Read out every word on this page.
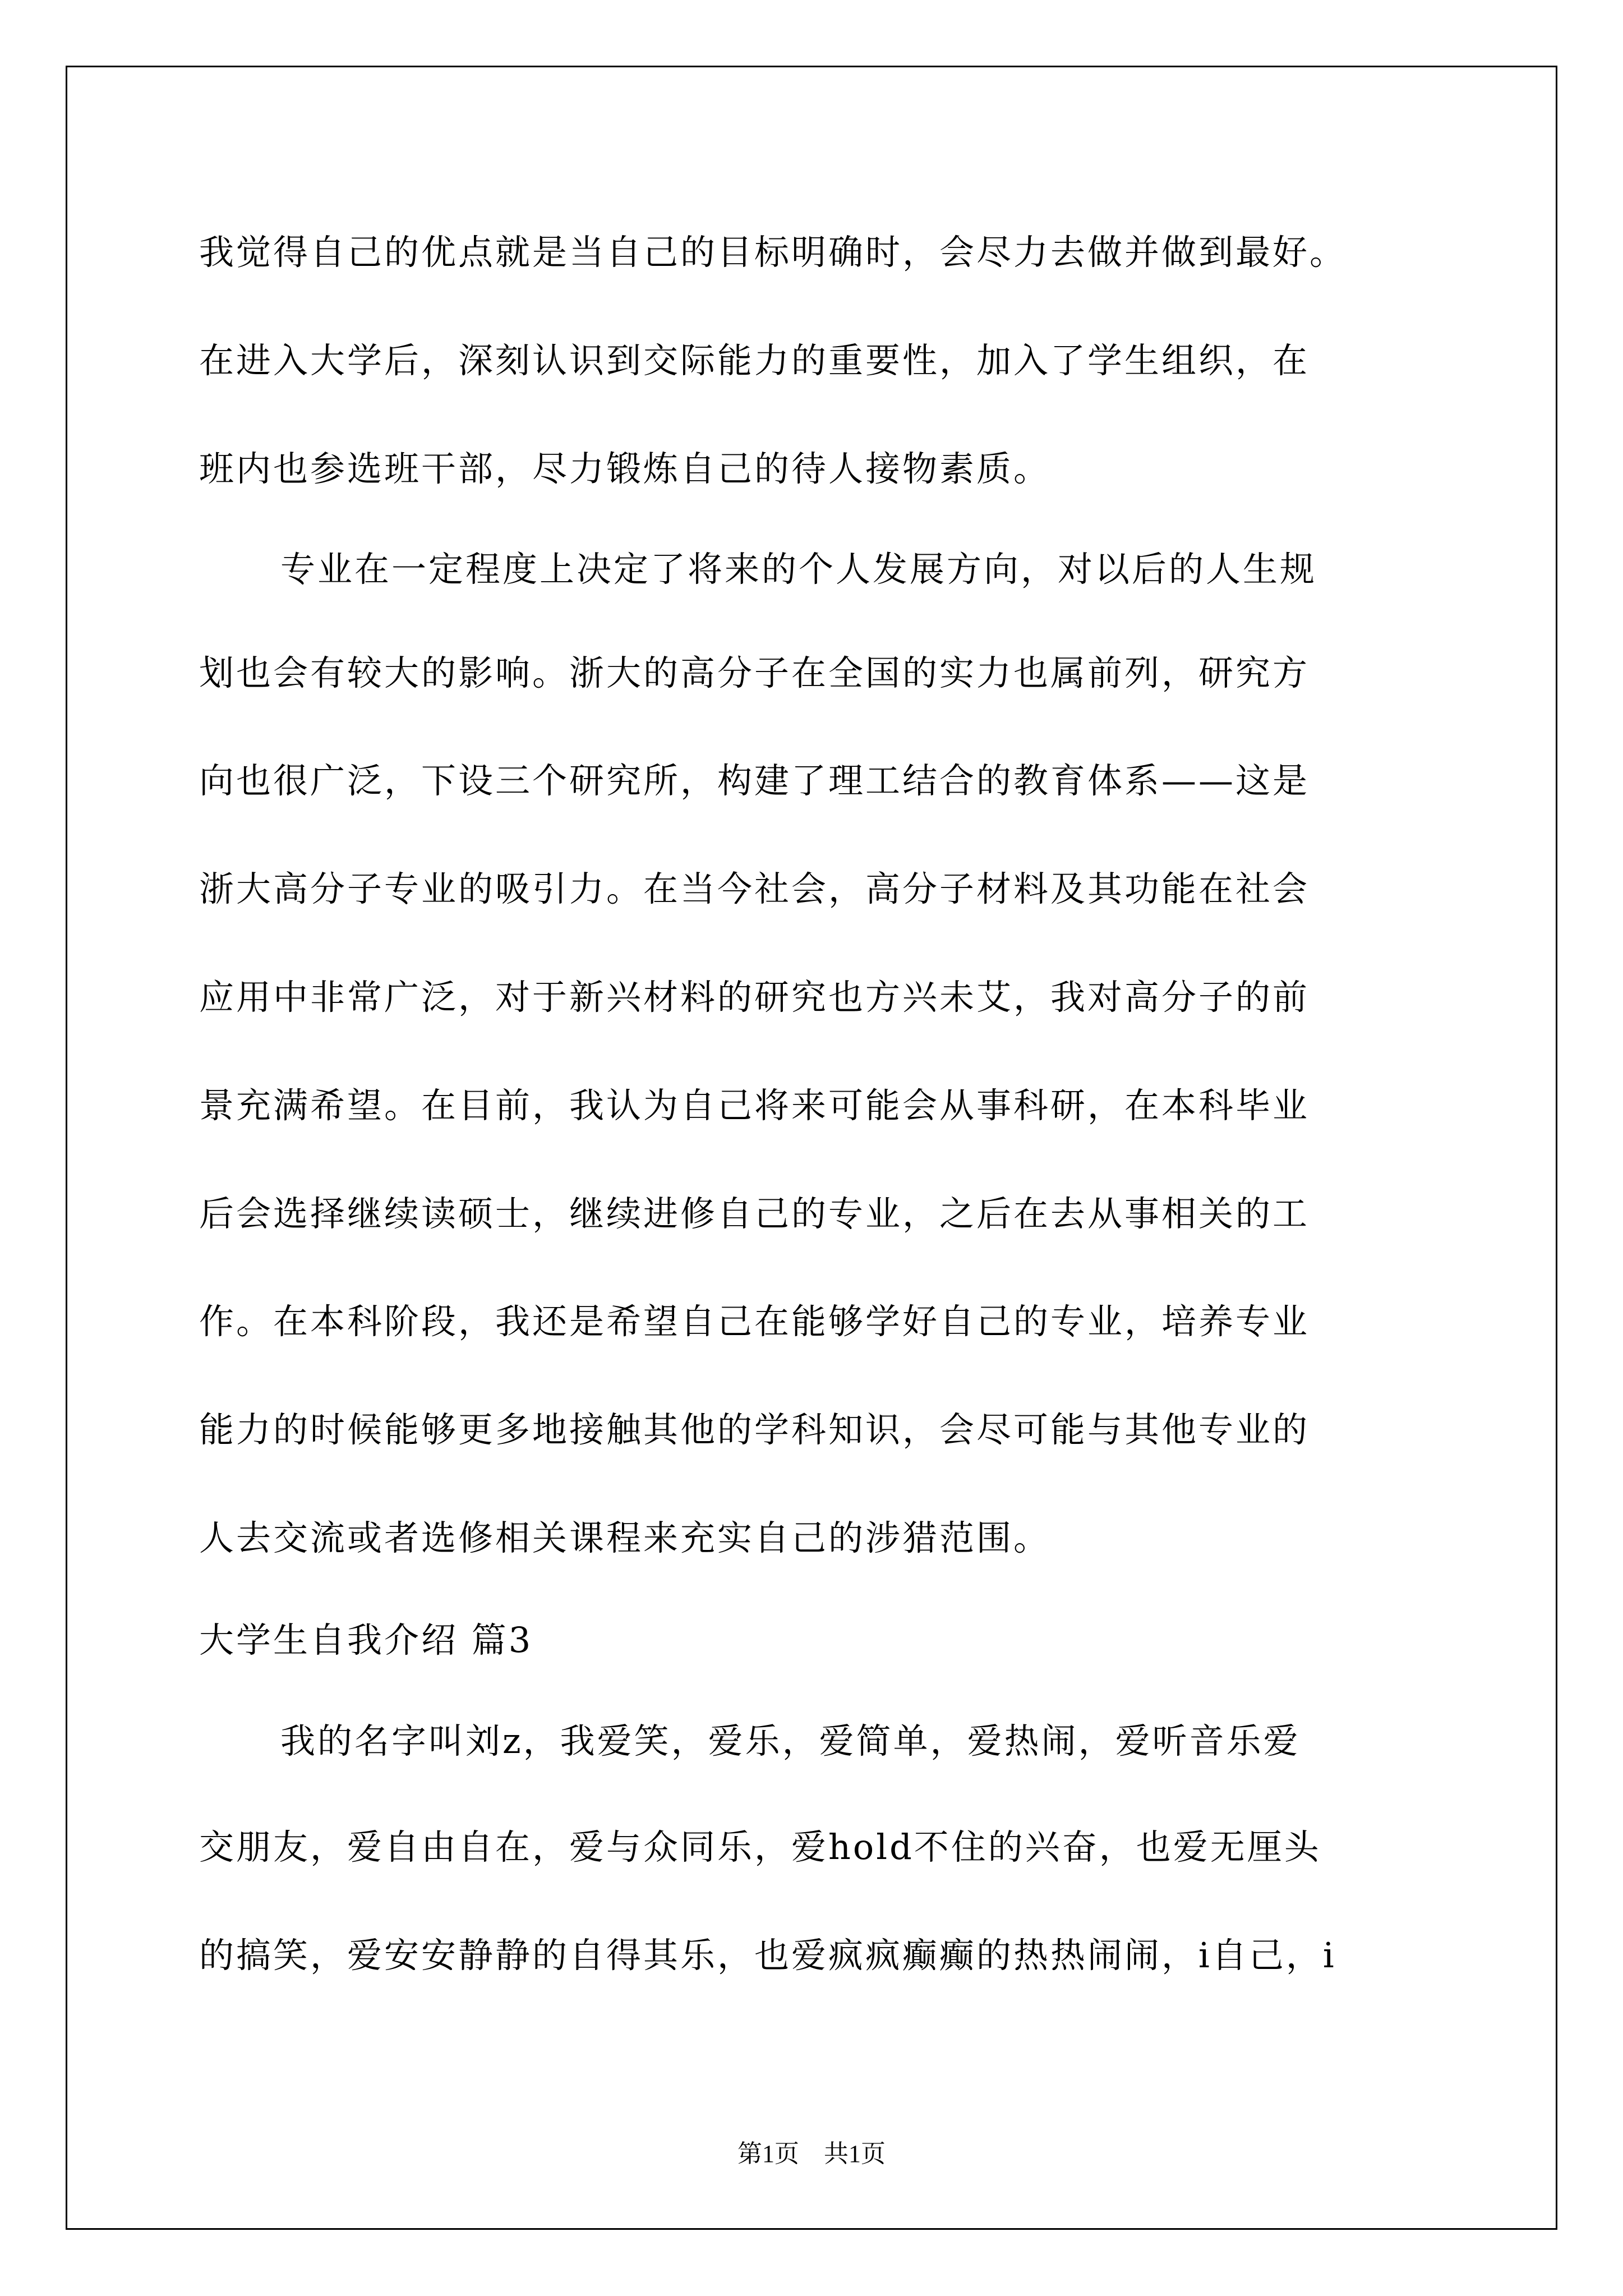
我觉得自己的优点就是当自己的目标明确时，会尽力去做并做到最好。
在进入大学后，深刻认识到交际能力的重要性，加入了学生组织，在
班内也参选班干部，尽力锻炼自己的待人接物素质。
专业在一定程度上决定了将来的个人发展方向，对以后的人生规
划也会有较大的影响。浙大的高分子在全国的实力也属前列，研究方
向也很广泛，下设三个研究所，构建了理工结合的教育体系——这是
浙大高分子专业的吸引力。在当今社会，高分子材料及其功能在社会
应用中非常广泛，对于新兴材料的研究也方兴未艾，我对高分子的前
景充满希望。在目前，我认为自己将来可能会从事科研，在本科毕业
后会选择继续读硕士，继续进修自己的专业，之后在去从事相关的工
作。在本科阶段，我还是希望自己在能够学好自己的专业，培养专业
能力的时候能够更多地接触其他的学科知识，会尽可能与其他专业的
人去交流或者选修相关课程来充实自己的涉猎范围。
大学生自我介绍 篇3
我的名字叫刘z，我爱笑，爱乐，爱简单，爱热闹，爱听音乐爱
交朋友，爱自由自在，爱与众同乐，爱hold不住的兴奋，也爱无厘头
的搞笑，爱安安静静的自得其乐，也爱疯疯癫癫的热热闹闹，i自己，i
第1页　共1页
